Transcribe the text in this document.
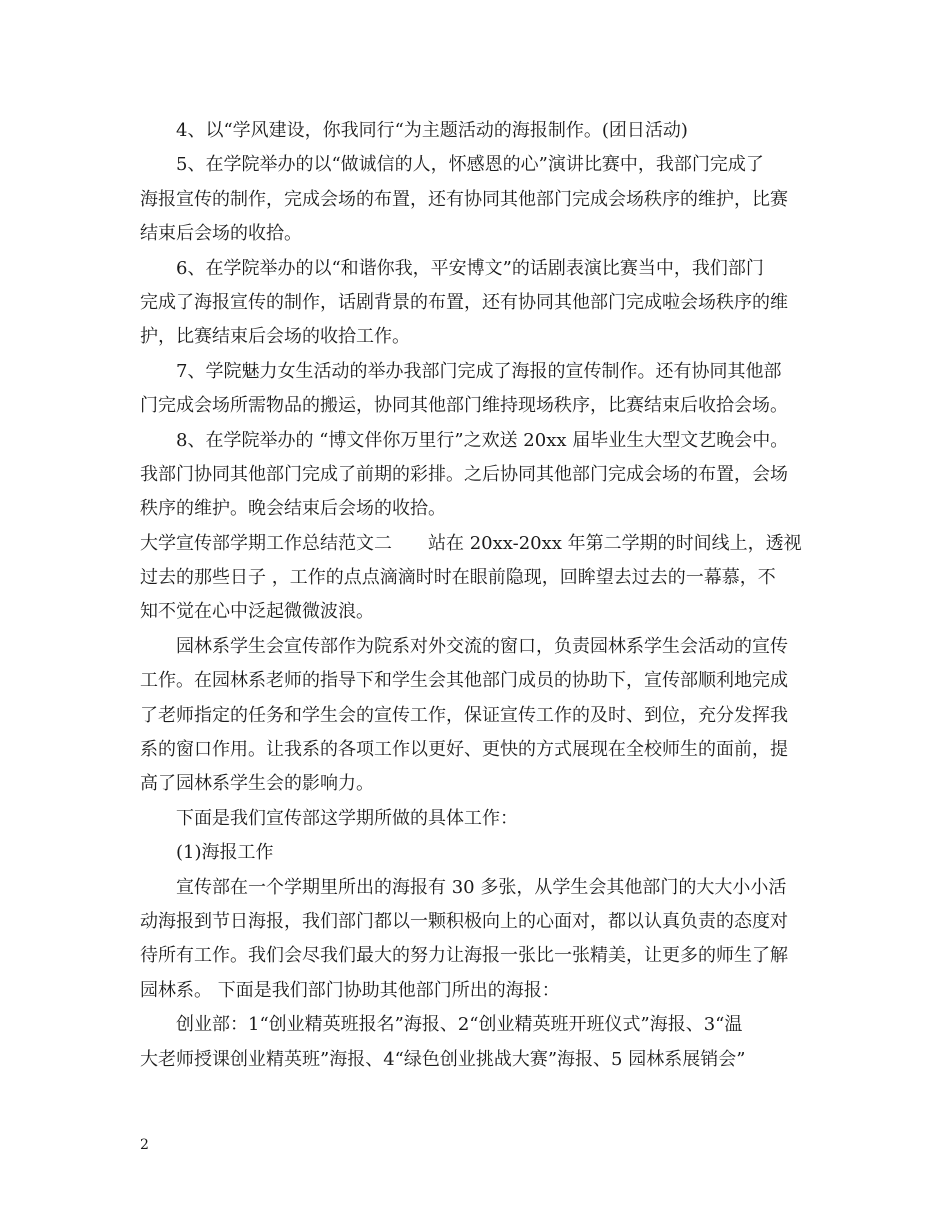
4、以“学风建设，你我同行“为主题活动的海报制作。(团日活动)
5、在学院举办的以“做诚信的人，怀感恩的心”演讲比赛中，我部门完成了
海报宣传的制作，完成会场的布置，还有协同其他部门完成会场秩序的维护，比赛
结束后会场的收拾。
6、在学院举办的以“和谐你我，平安博文”的话剧表演比赛当中，我们部门
完成了海报宣传的制作，话剧背景的布置，还有协同其他部门完成啦会场秩序的维
护，比赛结束后会场的收拾工作。
7、学院魅力女生活动的举办我部门完成了海报的宣传制作。还有协同其他部
门完成会场所需物品的搬运，协同其他部门维持现场秩序，比赛结束后收拾会场。
8、在学院举办的 “博文伴你万里行”之欢送 20xx 届毕业生大型文艺晚会中。
我部门协同其他部门完成了前期的彩排。之后协同其他部门完成会场的布置，会场
秩序的维护。晚会结束后会场的收拾。
大学宣传部学期工作总结范文二　　站在 20xx-20xx 年第二学期的时间线上，透视
过去的那些日子 ，工作的点点滴滴时时在眼前隐现，回眸望去过去的一幕慕，不
知不觉在心中泛起微微波浪。
园林系学生会宣传部作为院系对外交流的窗口，负责园林系学生会活动的宣传
工作。在园林系老师的指导下和学生会其他部门成员的协助下，宣传部顺利地完成
了老师指定的任务和学生会的宣传工作，保证宣传工作的及时、到位，充分发挥我
系的窗口作用。让我系的各项工作以更好、更快的方式展现在全校师生的面前，提
高了园林系学生会的影响力。
下面是我们宣传部这学期所做的具体工作：
(1)海报工作
宣传部在一个学期里所出的海报有 30 多张，从学生会其他部门的大大小小活
动海报到节日海报，我们部门都以一颗积极向上的心面对，都以认真负责的态度对
待所有工作。我们会尽我们最大的努力让海报一张比一张精美，让更多的师生了解
园林系。 下面是我们部门协助其他部门所出的海报：
创业部：1“创业精英班报名”海报、2“创业精英班开班仪式”海报、3“温
大老师授课创业精英班”海报、4“绿色创业挑战大赛”海报、5 园林系展销会”
2
